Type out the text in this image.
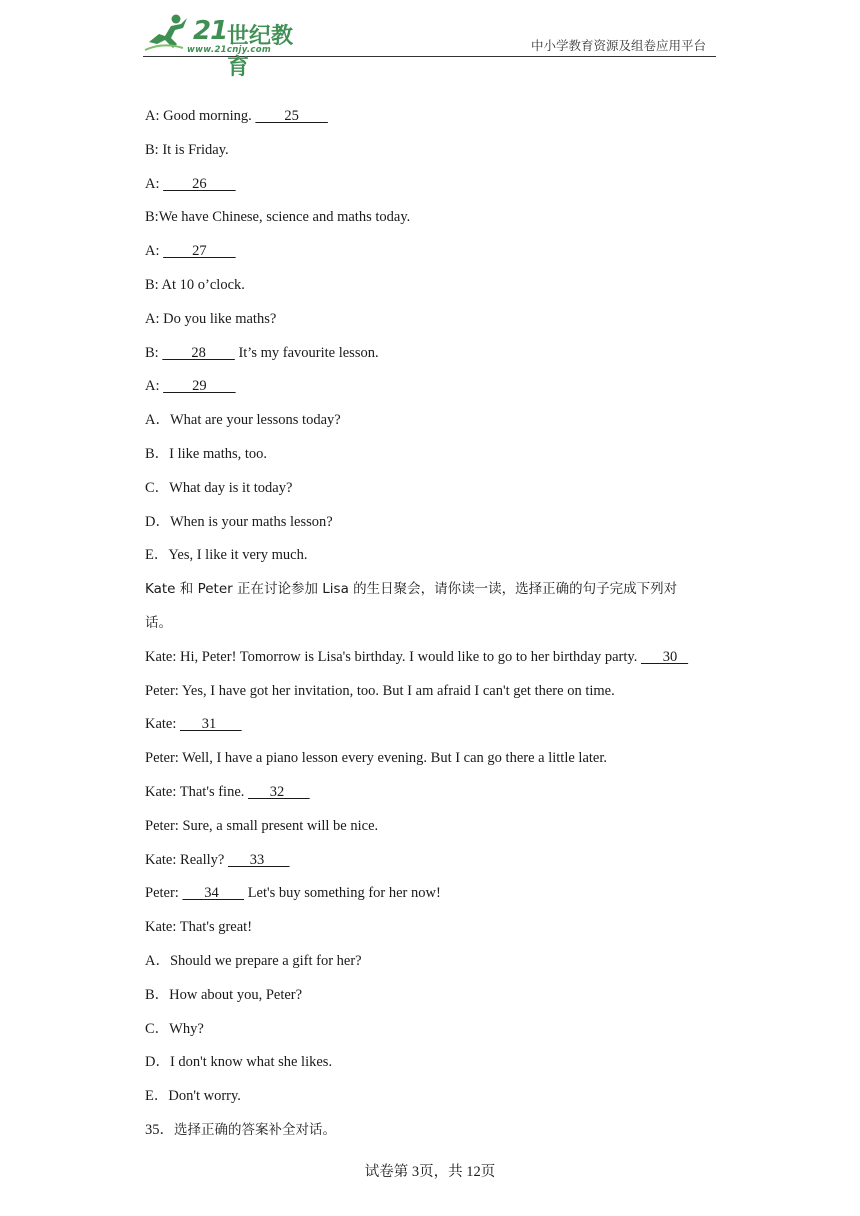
21 世纪教育
www.21cnjy.com	中小学教育资源及组卷应用平台
A: Good morning.         25
B: It is Friday.
A:         26
B:We have Chinese, science and maths today.
A:         27
B: At 10 o’clock.
A: Do you like maths?
B:         28         It’s my favourite lesson.
A:         29
A．What are your lessons today?
B．I like maths, too.
C．What day is it today?
D．When is your maths lesson?
E．Yes, I like it very much.
Kate 和 Peter 正在讨论参加 Lisa 的生日聚会，请你读一读，选择正确的句子完成下列对
话。
Kate: Hi, Peter! Tomorrow is Lisa's birthday. I would like to go to her birthday party.       30
Peter: Yes, I have got her invitation, too. But I am afraid I can't get there on time.
Kate:       31
Peter: Well, I have a piano lesson every evening. But I can go there a little later.
Kate: That's fine.       32
Peter: Sure, a small present will be nice.
Kate: Really?       33
Peter:       34        Let's buy something for her now!
Kate: That's great!
A．Should we prepare a gift for her?
B．How about you, Peter?
C．Why?
D．I don't know what she likes.
E．Don't worry.
35．选择正确的答案补全对话。
试卷第 3页，共 12页
